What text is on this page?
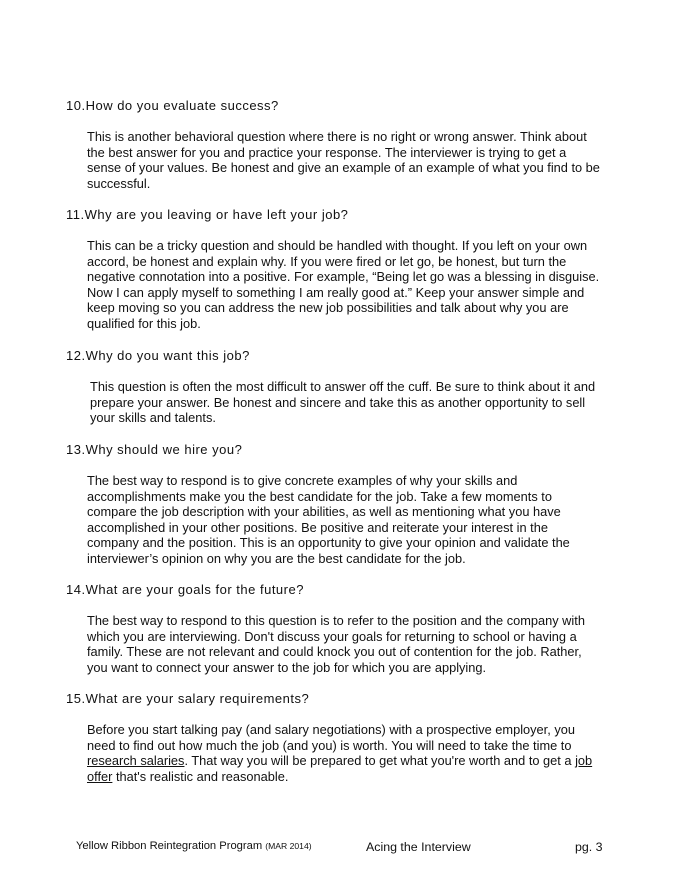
10.How do you evaluate success?

This is another behavioral question where there is no right or wrong answer. Think about the best answer for you and practice your response. The interviewer is trying to get a sense of your values. Be honest and give an example of an example of what you find to be successful.

11.Why are you leaving or have left your job?

This can be a tricky question and should be handled with thought. If you left on your own accord, be honest and explain why. If you were fired or let go, be honest, but turn the negative connotation into a positive. For example, “Being let go was a blessing in disguise. Now I can apply myself to something I am really good at.” Keep your answer simple and keep moving so you can address the new job possibilities and talk about why you are qualified for this job.

12.Why do you want this job?

This question is often the most difficult to answer off the cuff. Be sure to think about it and prepare your answer. Be honest and sincere and take this as another opportunity to sell your skills and talents.

13.Why should we hire you?

The best way to respond is to give concrete examples of why your skills and accomplishments make you the best candidate for the job. Take a few moments to compare the job description with your abilities, as well as mentioning what you have accomplished in your other positions. Be positive and reiterate your interest in the company and the position. This is an opportunity to give your opinion and validate the interviewer’s opinion on why you are the best candidate for the job.

14.What are your goals for the future?

The best way to respond to this question is to refer to the position and the company with which you are interviewing. Don't discuss your goals for returning to school or having a family. These are not relevant and could knock you out of contention for the job. Rather, you want to connect your answer to the job for which you are applying.

15.What are your salary requirements?

Before you start talking pay (and salary negotiations) with a prospective employer, you need to find out how much the job (and you) is worth. You will need to take the time to research salaries. That way you will be prepared to get what you're worth and to get a job offer that's realistic and reasonable.

Yellow Ribbon Reintegration Program (MAR 2014)	Acing the Interview	pg. 3
